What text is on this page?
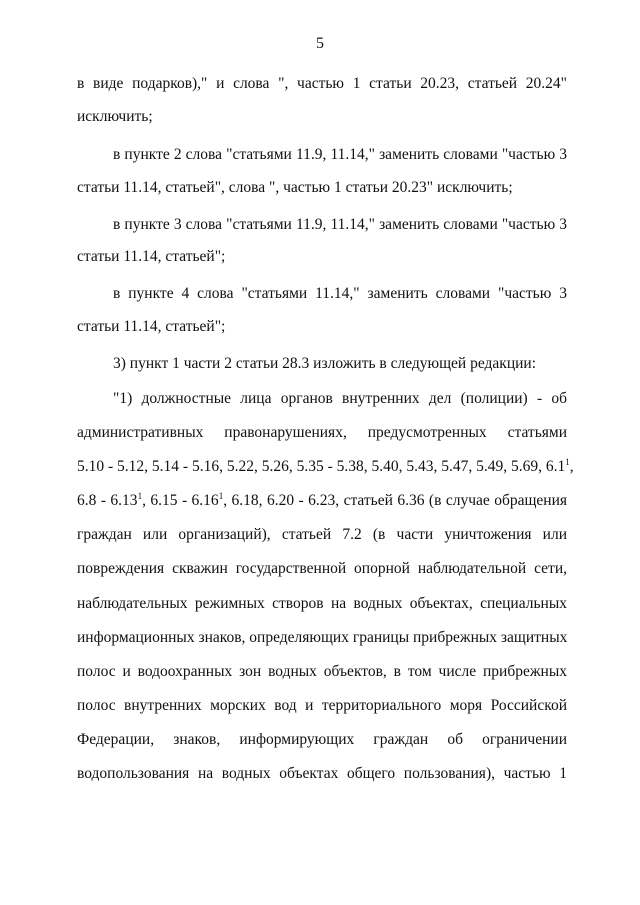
5
в виде подарков)," и слова ", частью 1 статьи 20.23, статьей 20.24"
исключить;
в пункте 2 слова "статьями 11.9, 11.14," заменить словами "частью 3
статьи 11.14, статьей", слова ", частью 1 статьи 20.23" исключить;
в пункте 3 слова "статьями 11.9, 11.14," заменить словами "частью 3
статьи 11.14, статьей";
в пункте 4 слова "статьями 11.14," заменить словами "частью 3
статьи 11.14, статьей";
3) пункт 1 части 2 статьи 28.3 изложить в следующей редакции:
"1) должностные лица органов внутренних дел (полиции) - об
административных правонарушениях, предусмотренных статьями
5.10 - 5.12, 5.14 - 5.16, 5.22, 5.26, 5.35 - 5.38, 5.40, 5.43, 5.47, 5.49, 5.69, $6.1^1$,
6.8 - 6.13$^1$, 6.15 - 6.16$^1$, 6.18, 6.20 - 6.23, статьей 6.36 (в случае обращения
граждан или организаций), статьей 7.2 (в части уничтожения или
повреждения скважин государственной опорной наблюдательной сети,
наблюдательных режимных створов на водных объектах, специальных
информационных знаков, определяющих границы прибрежных защитных
полос и водоохранных зон водных объектов, в том числе прибрежных
полос внутренних морских вод и территориального моря Российской
Федерации, знаков, информирующих граждан об ограничении
водопользования на водных объектах общего пользования), частью 1
